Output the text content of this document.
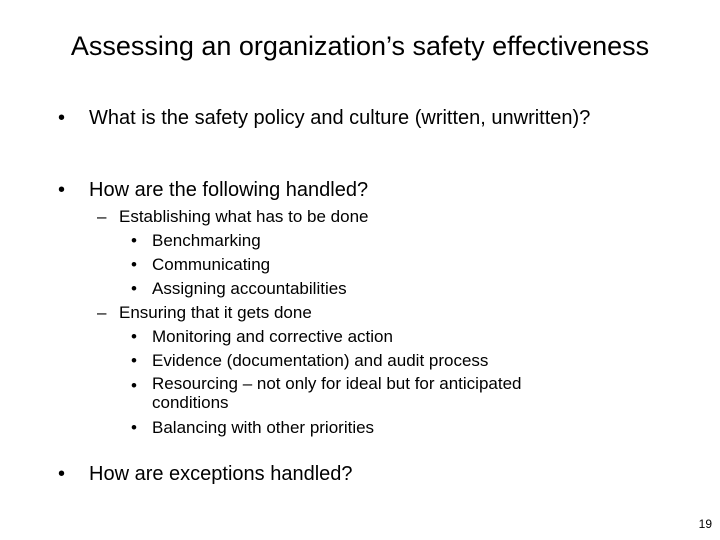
Assessing an organization’s safety effectiveness
• What is the safety policy and culture (written, unwritten)?
• How are the following handled?
– Establishing what has to be done
• Benchmarking
• Communicating
• Assigning accountabilities
– Ensuring that it gets done
• Monitoring and corrective action
• Evidence (documentation) and audit process
• Resourcing – not only for ideal but for anticipated conditions
• Balancing with other priorities
• How are exceptions handled?
19
